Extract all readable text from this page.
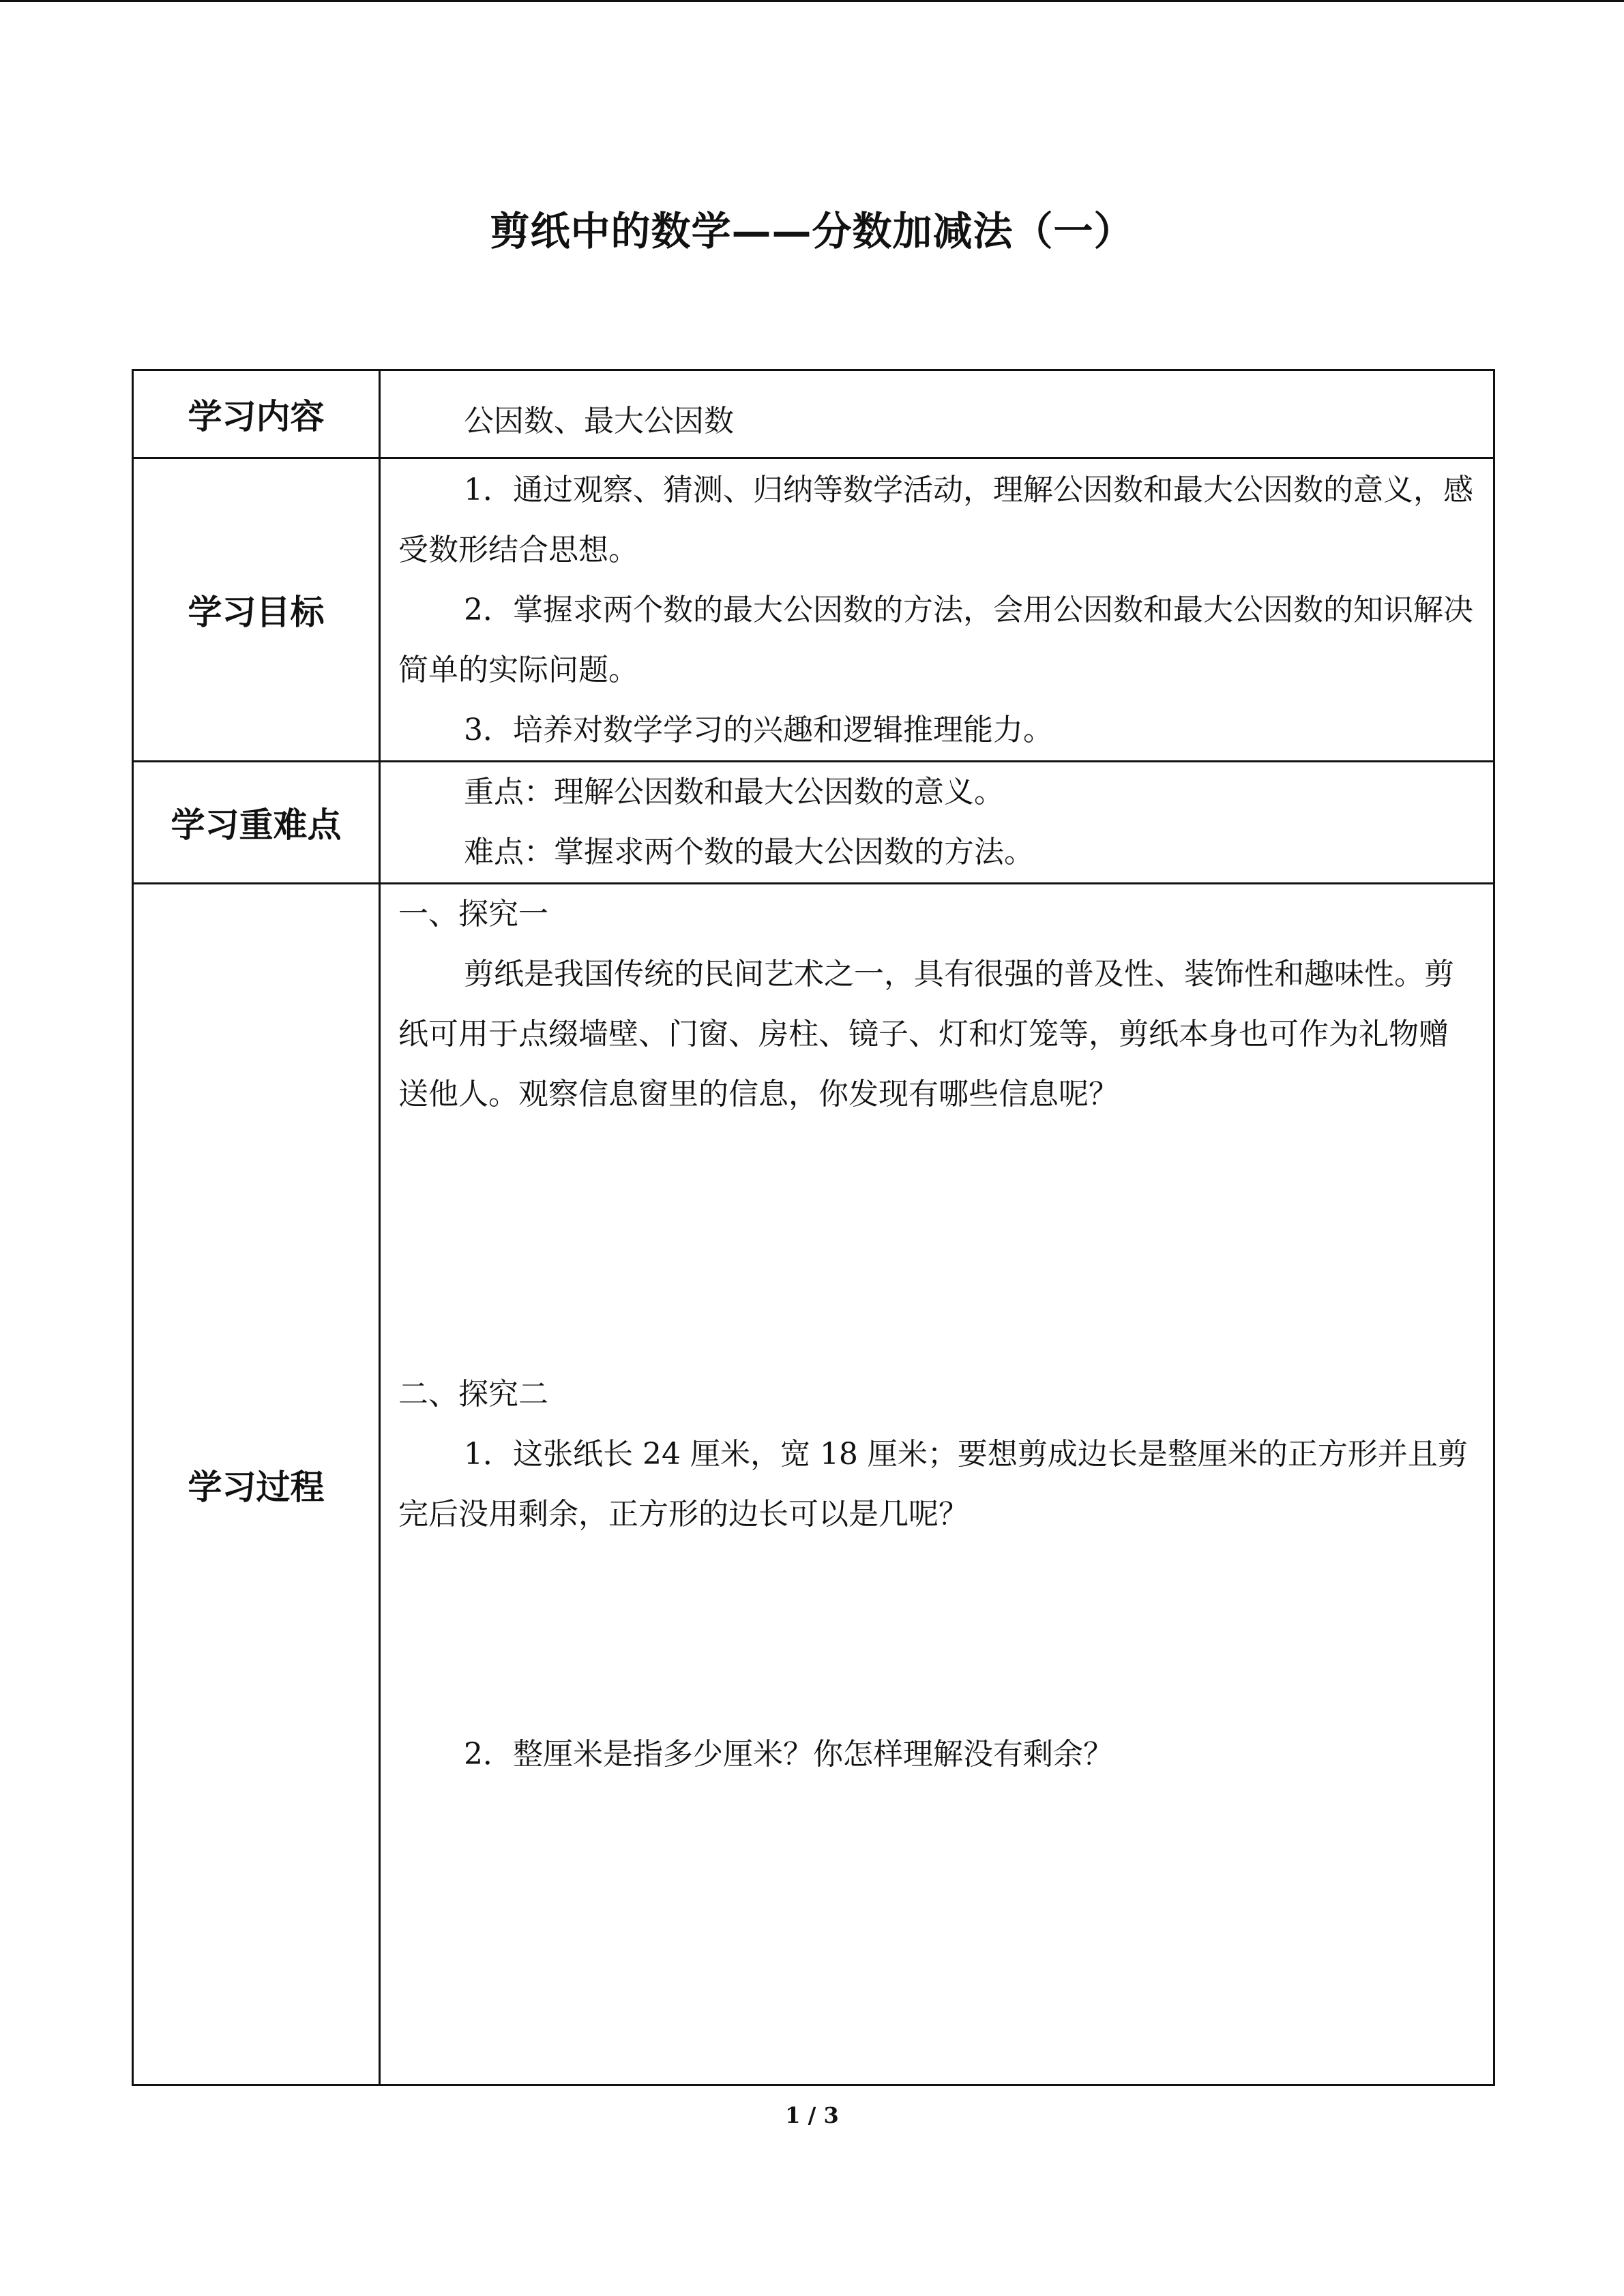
剪纸中的数学——分数加减法（一）
学习内容	公因数、最大公因数

学习目标	1．通过观察、猜测、归纳等数学活动，理解公因数和最大公因数的意义，感受数形结合思想。

2．掌握求两个数的最大公因数的方法，会用公因数和最大公因数的知识解决简单的实际问题。

3．培养对数学学习的兴趣和逻辑推理能力。

学习重难点	重点：理解公因数和最大公因数的意义。

难点：掌握求两个数的最大公因数的方法。

学习过程	一、探究一

剪纸是我国传统的民间艺术之一，具有很强的普及性、装饰性和趣味性。剪纸可用于点缀墙壁、门窗、房柱、镜子、灯和灯笼等，剪纸本身也可作为礼物赠送他人。观察信息窗里的信息，你发现有哪些信息呢？

二、探究二

1．这张纸长 24 厘米，宽 18 厘米；要想剪成边长是整厘米的正方形并且剪完后没用剩余，正方形的边长可以是几呢？

2．整厘米是指多少厘米？你怎样理解没有剩余？

1 / 3
